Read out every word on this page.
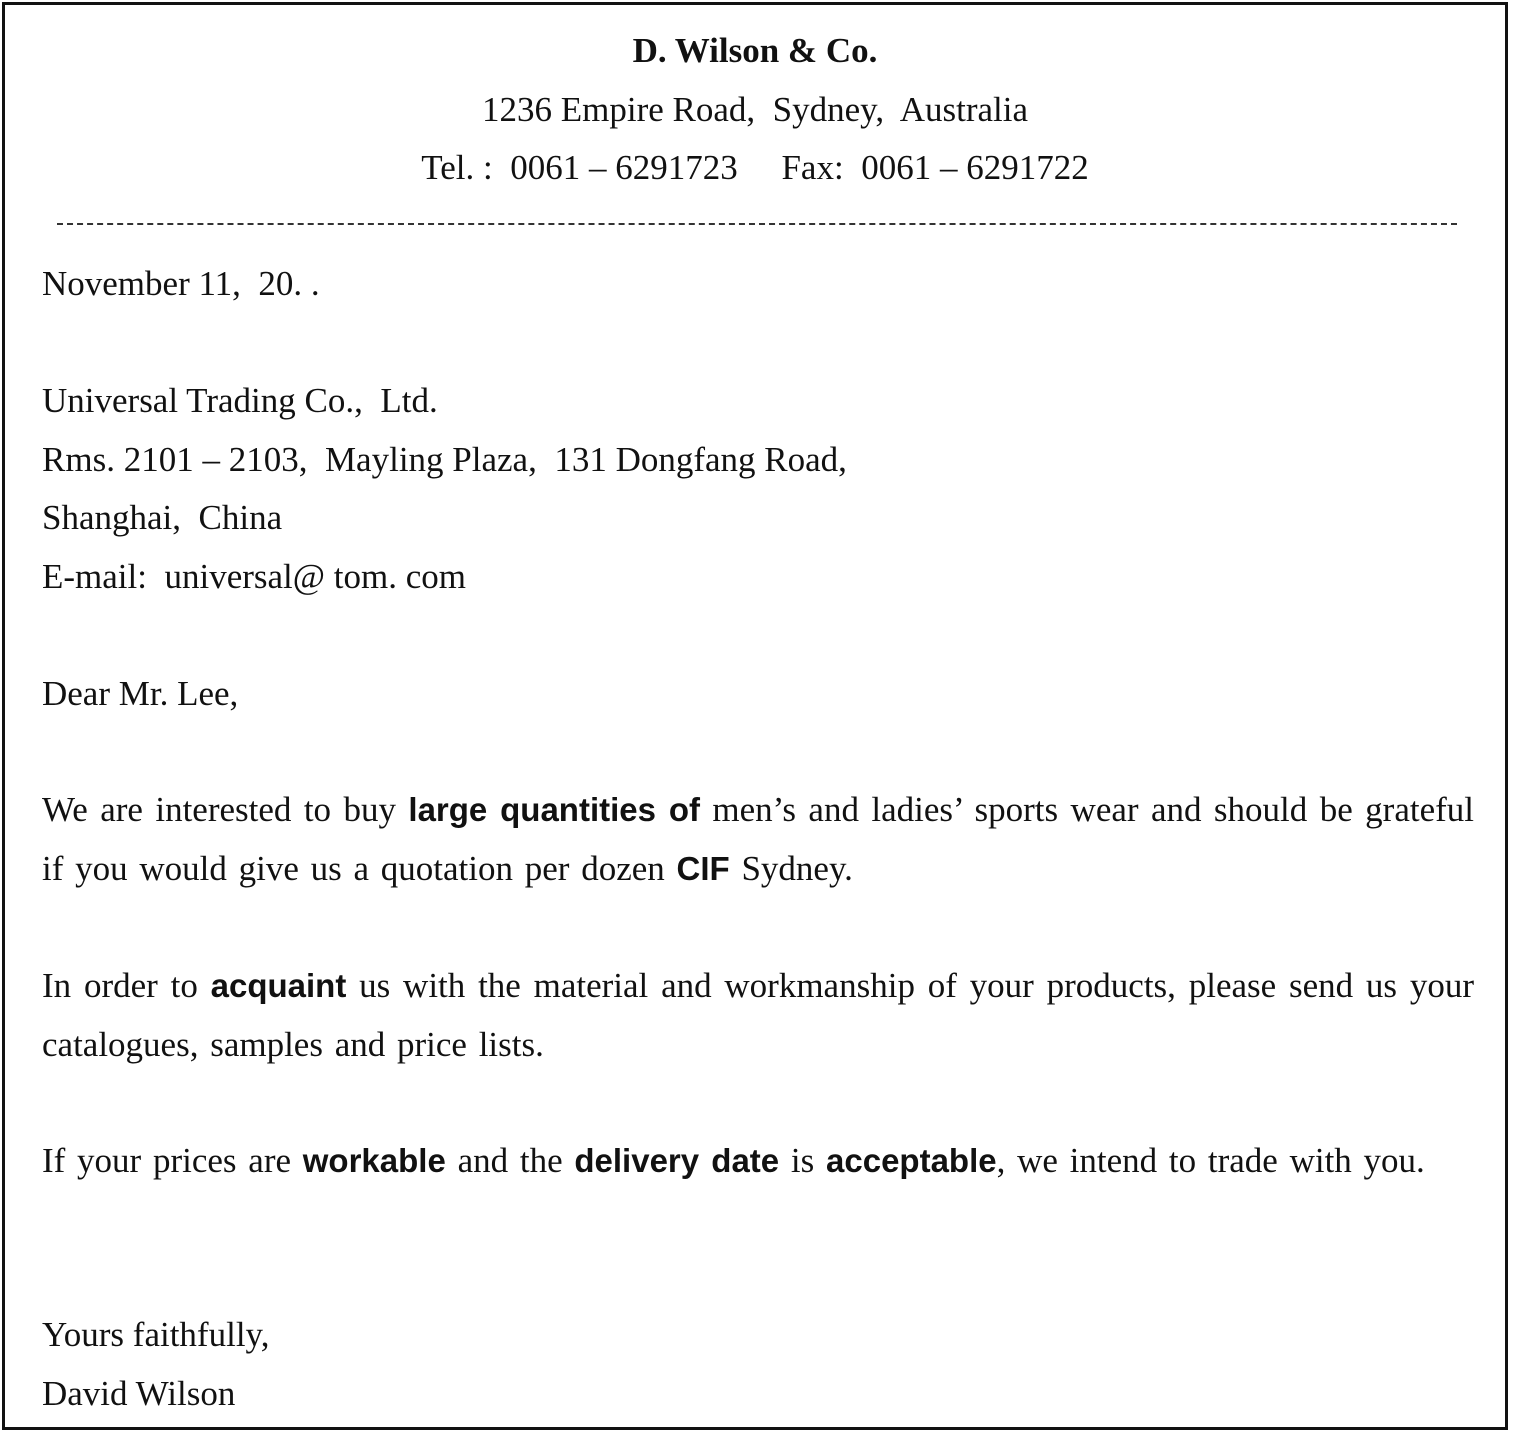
D. Wilson & Co.
1236 Empire Road,  Sydney,  Australia
Tel. :  0061 – 6291723     Fax:  0061 – 6291722
November 11,  20. .
Universal Trading Co.,  Ltd.
Rms. 2101 – 2103,  Mayling Plaza,  131 Dongfang Road,
Shanghai,  China
E-mail:  universal@ tom. com
Dear Mr. Lee,
We are interested to buy large quantities of men’s and ladies’ sports wear and should be grateful if you would give us a quotation per dozen CIF Sydney.
In order to acquaint us with the material and workmanship of your products, please send us your catalogues, samples and price lists.
If your prices are workable and the delivery date is acceptable, we intend to trade with you.
Yours faithfully,
David Wilson
